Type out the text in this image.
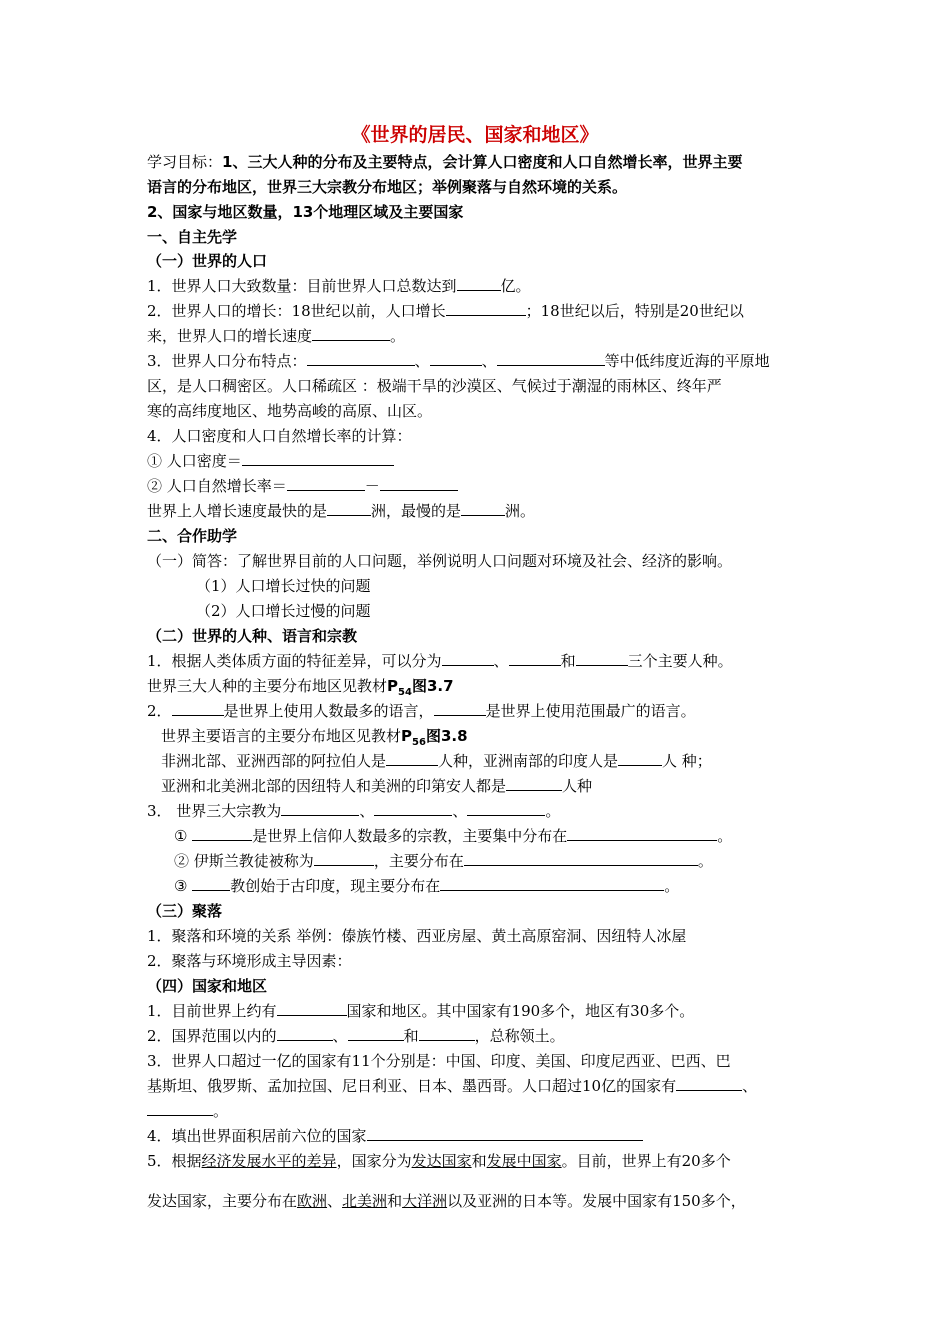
《世界的居民、国家和地区》
学习目标：1、三大人种的分布及主要特点，会计算人口密度和人口自然增长率，世界主要
语言的分布地区，世界三大宗教分布地区；举例聚落与自然环境的关系。
2、国家与地区数量，13个地理区域及主要国家
一、自主先学
（一）世界的人口
1．世界人口大致数量：目前世界人口总数达到	亿。
2．世界人口的增长：18世纪以前，人口增长	；18世纪以后，特别是20世纪以
来，世界人口的增长速度	。
3．世界人口分布特点：	、	、	等中低纬度近海的平原地
区，是人口稠密区。人口稀疏区 ：极端干旱的沙漠区、气候过于潮湿的雨林区、终年严
寒的高纬度地区、地势高峻的高原、山区。
4．人口密度和人口自然增长率的计算：
① 人口密度＝
② 人口自然增长率＝	－
世界上人增长速度最快的是	洲，最慢的是	洲。
二、合作助学
（一）简答：了解世界目前的人口问题，举例说明人口问题对环境及社会、经济的影响。
（1）人口增长过快的问题
（2）人口增长过慢的问题
（二）世界的人种、语言和宗教
1．根据人类体质方面的特征差异，可以分为	、	和	三个主要人种。
世界三大人种的主要分布地区见教材$P_{54}$图3.7
2．	是世界上使用人数最多的语言，	是世界上使用范围最广的语言。
世界主要语言的主要分布地区见教材$P_{56}$图3.8
非洲北部、亚洲西部的阿拉伯人是	人种，亚洲南部的印度人是	人 种；
亚洲和北美洲北部的因纽特人和美洲的印第安人都是	人种
3． 世界三大宗教为	、	、	。
①	是世界上信仰人数最多的宗教，主要集中分布在	。
② 伊斯兰教徒被称为	，主要分布在	。
③	教创始于古印度，现主要分布在	。
（三）聚落
1．聚落和环境的关系 举例：傣族竹楼、西亚房屋、黄土高原窑洞、因纽特人冰屋
2．聚落与环境形成主导因素：
（四）国家和地区
1．目前世界上约有	国家和地区。其中国家有190多个，地区有30多个。
2．国界范围以内的	、	和	，总称领土。
3．世界人口超过一亿的国家有11个分别是：中国、印度、美国、印度尼西亚、巴西、巴
基斯坦、俄罗斯、孟加拉国、尼日利亚、日本、墨西哥。人口超过10亿的国家有	、
。
4．填出世界面积居前六位的国家
5．根据经济发展水平的差异，国家分为发达国家和发展中国家。目前，世界上有20多个
发达国家，主要分布在欧洲、北美洲和大洋洲以及亚洲的日本等。发展中国家有150多个，
